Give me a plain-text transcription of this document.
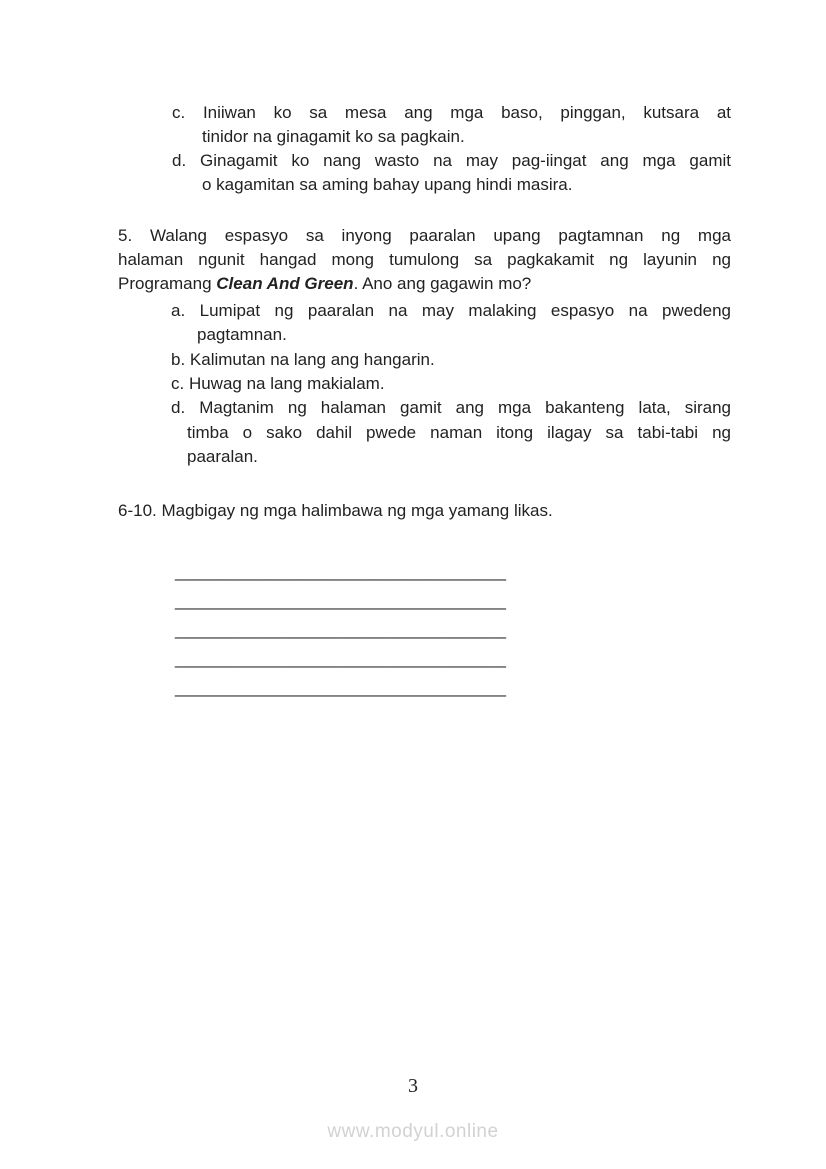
c. Iniiwan ko sa mesa ang mga baso, pinggan, kutsara at
tinidor na ginagamit ko sa pagkain.
d. Ginagamit ko nang wasto na may pag-iingat ang mga gamit
o kagamitan sa aming bahay upang hindi masira.
5. Walang espasyo sa inyong paaralan upang pagtamnan ng mga
halaman ngunit hangad mong tumulong sa pagkakamit ng layunin ng
Programang Clean And Green. Ano ang gagawin mo?
a. Lumipat ng paaralan na may malaking espasyo na pwedeng
pagtamnan.
b. Kalimutan na lang ang hangarin.
c. Huwag na lang makialam.
d. Magtanim ng halaman gamit ang mga bakanteng lata, sirang
timba o sako dahil pwede naman itong ilagay sa tabi-tabi ng
paaralan.
6-10. Magbigay ng mga halimbawa ng mga yamang likas.
___________________________________
___________________________________
___________________________________
___________________________________
___________________________________
3
www.modyul.online
